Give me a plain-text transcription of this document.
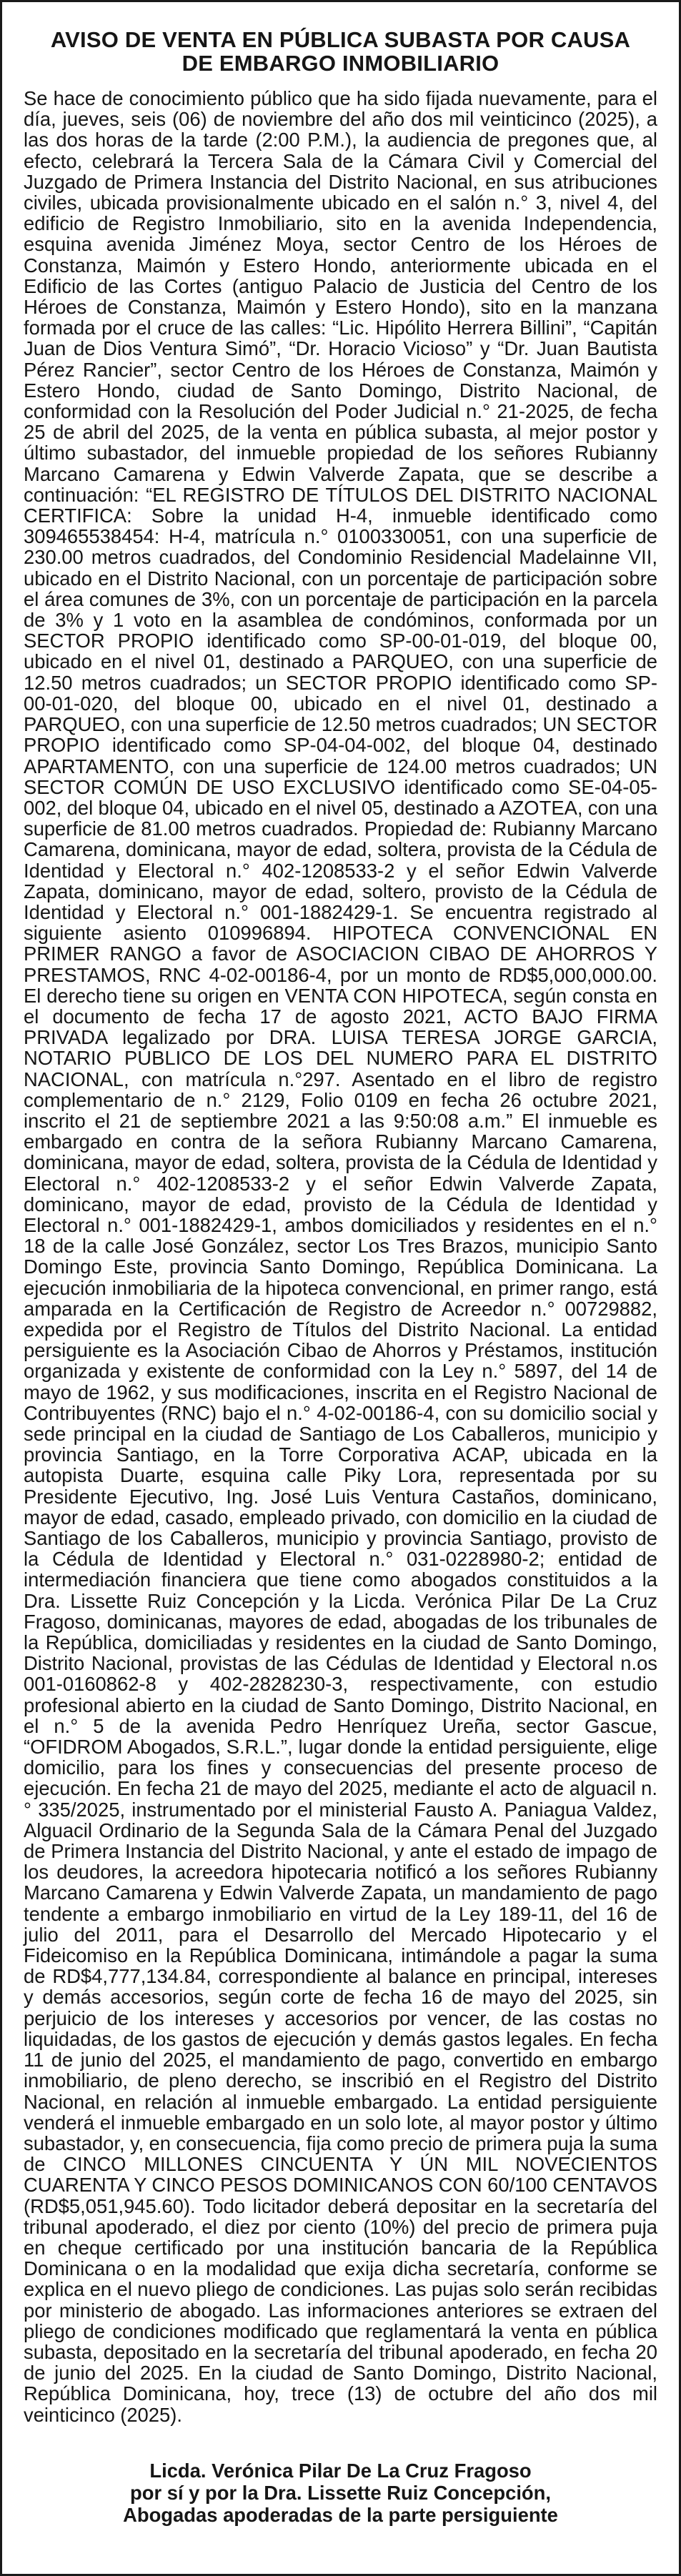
AVISO DE VENTA EN PÚBLICA SUBASTA POR CAUSA
DE EMBARGO INMOBILIARIO

Se hace de conocimiento público que ha sido fijada nuevamente, para el día, jueves, seis (06) de noviembre del año dos mil veinticinco (2025), a las dos horas de la tarde (2:00 P.M.), la audiencia de pregones que, al efecto, celebrará la Tercera Sala de la Cámara Civil y Comercial del Juzgado de Primera Instancia del Distrito Nacional, en sus atribuciones civiles, ubicada provisionalmente ubicado en el salón n.° 3, nivel 4, del edificio de Registro Inmobiliario, sito en la avenida Independencia, esquina avenida Jiménez Moya, sector Centro de los Héroes de Constanza, Maimón y Estero Hondo, anteriormente ubicada en el Edificio de las Cortes (antiguo Palacio de Justicia del Centro de los Héroes de Constanza, Maimón y Estero Hondo), sito en la manzana formada por el cruce de las calles: “Lic. Hipólito Herrera Billini”, “Capitán Juan de Dios Ventura Simó”, “Dr. Horacio Vicioso” y “Dr. Juan Bautista Pérez Rancier”, sector Centro de los Héroes de Constanza, Maimón y Estero Hondo, ciudad de Santo Domingo, Distrito Nacional, de conformidad con la Resolución del Poder Judicial n.° 21-2025, de fecha 25 de abril del 2025, de la venta en pública subasta, al mejor postor y último subastador, del inmueble propiedad de los señores Rubianny Marcano Camarena y Edwin Valverde Zapata, que se describe a continuación: “EL REGISTRO DE TÍTULOS DEL DISTRITO NACIONAL CERTIFICA: Sobre la unidad H-4, inmueble identificado como 309465538454: H-4, matrícula n.° 0100330051, con una superficie de 230.00 metros cuadrados, del Condominio Residencial Madelainne VII, ubicado en el Distrito Nacional, con un porcentaje de participación sobre el área comunes de 3%, con un porcentaje de participación en la parcela de 3% y 1 voto en la asamblea de condóminos, conformada por un SECTOR PROPIO identificado como SP-00-01-019, del bloque 00, ubicado en el nivel 01, destinado a PARQUEO, con una superficie de 12.50 metros cuadrados; un SECTOR PROPIO identificado como SP-00-01-020, del bloque 00, ubicado en el nivel 01, destinado a PARQUEO, con una superficie de 12.50 metros cuadrados; UN SECTOR PROPIO identificado como SP-04-04-002, del bloque 04, destinado APARTAMENTO, con una superficie de 124.00 metros cuadrados; UN SECTOR COMÚN DE USO EXCLUSIVO identificado como SE-04-05-002, del bloque 04, ubicado en el nivel 05, destinado a AZOTEA, con una superficie de 81.00 metros cuadrados. Propiedad de: Rubianny Marcano Camarena, dominicana, mayor de edad, soltera, provista de la Cédula de Identidad y Electoral n.° 402-1208533-2 y el señor Edwin Valverde Zapata, dominicano, mayor de edad, soltero, provisto de la Cédula de Identidad y Electoral n.° 001-1882429-1. Se encuentra registrado al siguiente asiento 010996894. HIPOTECA CONVENCIONAL EN PRIMER RANGO a favor de ASOCIACION CIBAO DE AHORROS Y PRESTAMOS, RNC 4-02-00186-4, por un monto de RD$5,000,000.00. El derecho tiene su origen en VENTA CON HIPOTECA, según consta en el documento de fecha 17 de agosto 2021, ACTO BAJO FIRMA PRIVADA legalizado por DRA. LUISA TERESA JORGE GARCIA, NOTARIO PÚBLICO DE LOS DEL NUMERO PARA EL DISTRITO NACIONAL, con matrícula n.°297. Asentado en el libro de registro complementario de n.° 2129, Folio 0109 en fecha 26 octubre 2021, inscrito el 21 de septiembre 2021 a las 9:50:08 a.m.” El inmueble es embargado en contra de la señora Rubianny Marcano Camarena, dominicana, mayor de edad, soltera, provista de la Cédula de Identidad y Electoral n.° 402-1208533-2 y el señor Edwin Valverde Zapata, dominicano, mayor de edad, provisto de la Cédula de Identidad y Electoral n.° 001-1882429-1, ambos domiciliados y residentes en el n.° 18 de la calle José González, sector Los Tres Brazos, municipio Santo Domingo Este, provincia Santo Domingo, República Dominicana. La ejecución inmobiliaria de la hipoteca convencional, en primer rango, está amparada en la Certificación de Registro de Acreedor n.° 00729882, expedida por el Registro de Títulos del Distrito Nacional. La entidad persiguiente es la Asociación Cibao de Ahorros y Préstamos, institución organizada y existente de conformidad con la Ley n.° 5897, del 14 de mayo de 1962, y sus modificaciones, inscrita en el Registro Nacional de Contribuyentes (RNC) bajo el n.° 4-02-00186-4, con su domicilio social y sede principal en la ciudad de Santiago de Los Caballeros, municipio y provincia Santiago, en la Torre Corporativa ACAP, ubicada en la autopista Duarte, esquina calle Piky Lora, representada por su Presidente Ejecutivo, Ing. José Luis Ventura Castaños, dominicano, mayor de edad, casado, empleado privado, con domicilio en la ciudad de Santiago de los Caballeros, municipio y provincia Santiago, provisto de la Cédula de Identidad y Electoral n.° 031-0228980-2; entidad de intermediación financiera que tiene como abogados constituidos a la Dra. Lissette Ruiz Concepción y la Licda. Verónica Pilar De La Cruz Fragoso, dominicanas, mayores de edad, abogadas de los tribunales de la República, domiciliadas y residentes en la ciudad de Santo Domingo, Distrito Nacional, provistas de las Cédulas de Identidad y Electoral n.os 001-0160862-8 y 402-2828230-3, respectivamente, con estudio profesional abierto en la ciudad de Santo Domingo, Distrito Nacional, en el n.° 5 de la avenida Pedro Henríquez Ureña, sector Gascue, “OFIDROM Abogados, S.R.L.”, lugar donde la entidad persiguiente, elige domicilio, para los fines y consecuencias del presente proceso de ejecución. En fecha 21 de mayo del 2025, mediante el acto de alguacil n.° 335/2025, instrumentado por el ministerial Fausto A. Paniagua Valdez, Alguacil Ordinario de la Segunda Sala de la Cámara Penal del Juzgado de Primera Instancia del Distrito Nacional, y ante el estado de impago de los deudores, la acreedora hipotecaria notificó a los señores Rubianny Marcano Camarena y Edwin Valverde Zapata, un mandamiento de pago tendente a embargo inmobiliario en virtud de la Ley 189-11, del 16 de julio del 2011, para el Desarrollo del Mercado Hipotecario y el Fideicomiso en la República Dominicana, intimándole a pagar la suma de RD$4,777,134.84, correspondiente al balance en principal, intereses y demás accesorios, según corte de fecha 16 de mayo del 2025, sin perjuicio de los intereses y accesorios por vencer, de las costas no liquidadas, de los gastos de ejecución y demás gastos legales. En fecha 11 de junio del 2025, el mandamiento de pago, convertido en embargo inmobiliario, de pleno derecho, se inscribió en el Registro del Distrito Nacional, en relación al inmueble embargado. La entidad persiguiente venderá el inmueble embargado en un solo lote, al mayor postor y último subastador, y, en consecuencia, fija como precio de primera puja la suma de CINCO MILLONES CINCUENTA Y ÚN MIL NOVECIENTOS CUARENTA Y CINCO PESOS DOMINICANOS CON 60/100 CENTAVOS (RD$5,051,945.60). Todo licitador deberá depositar en la secretaría del tribunal apoderado, el diez por ciento (10%) del precio de primera puja en cheque certificado por una institución bancaria de la República Dominicana o en la modalidad que exija dicha secretaría, conforme se explica en el nuevo pliego de condiciones. Las pujas solo serán recibidas por ministerio de abogado. Las informaciones anteriores se extraen del pliego de condiciones modificado que reglamentará la venta en pública subasta, depositado en la secretaría del tribunal apoderado, en fecha 20 de junio del 2025. En la ciudad de Santo Domingo, Distrito Nacional, República Dominicana, hoy, trece (13) de octubre del año dos mil veinticinco (2025).

Licda. Verónica Pilar De La Cruz Fragoso
por sí y por la Dra. Lissette Ruiz Concepción,
Abogadas apoderadas de la parte persiguiente
